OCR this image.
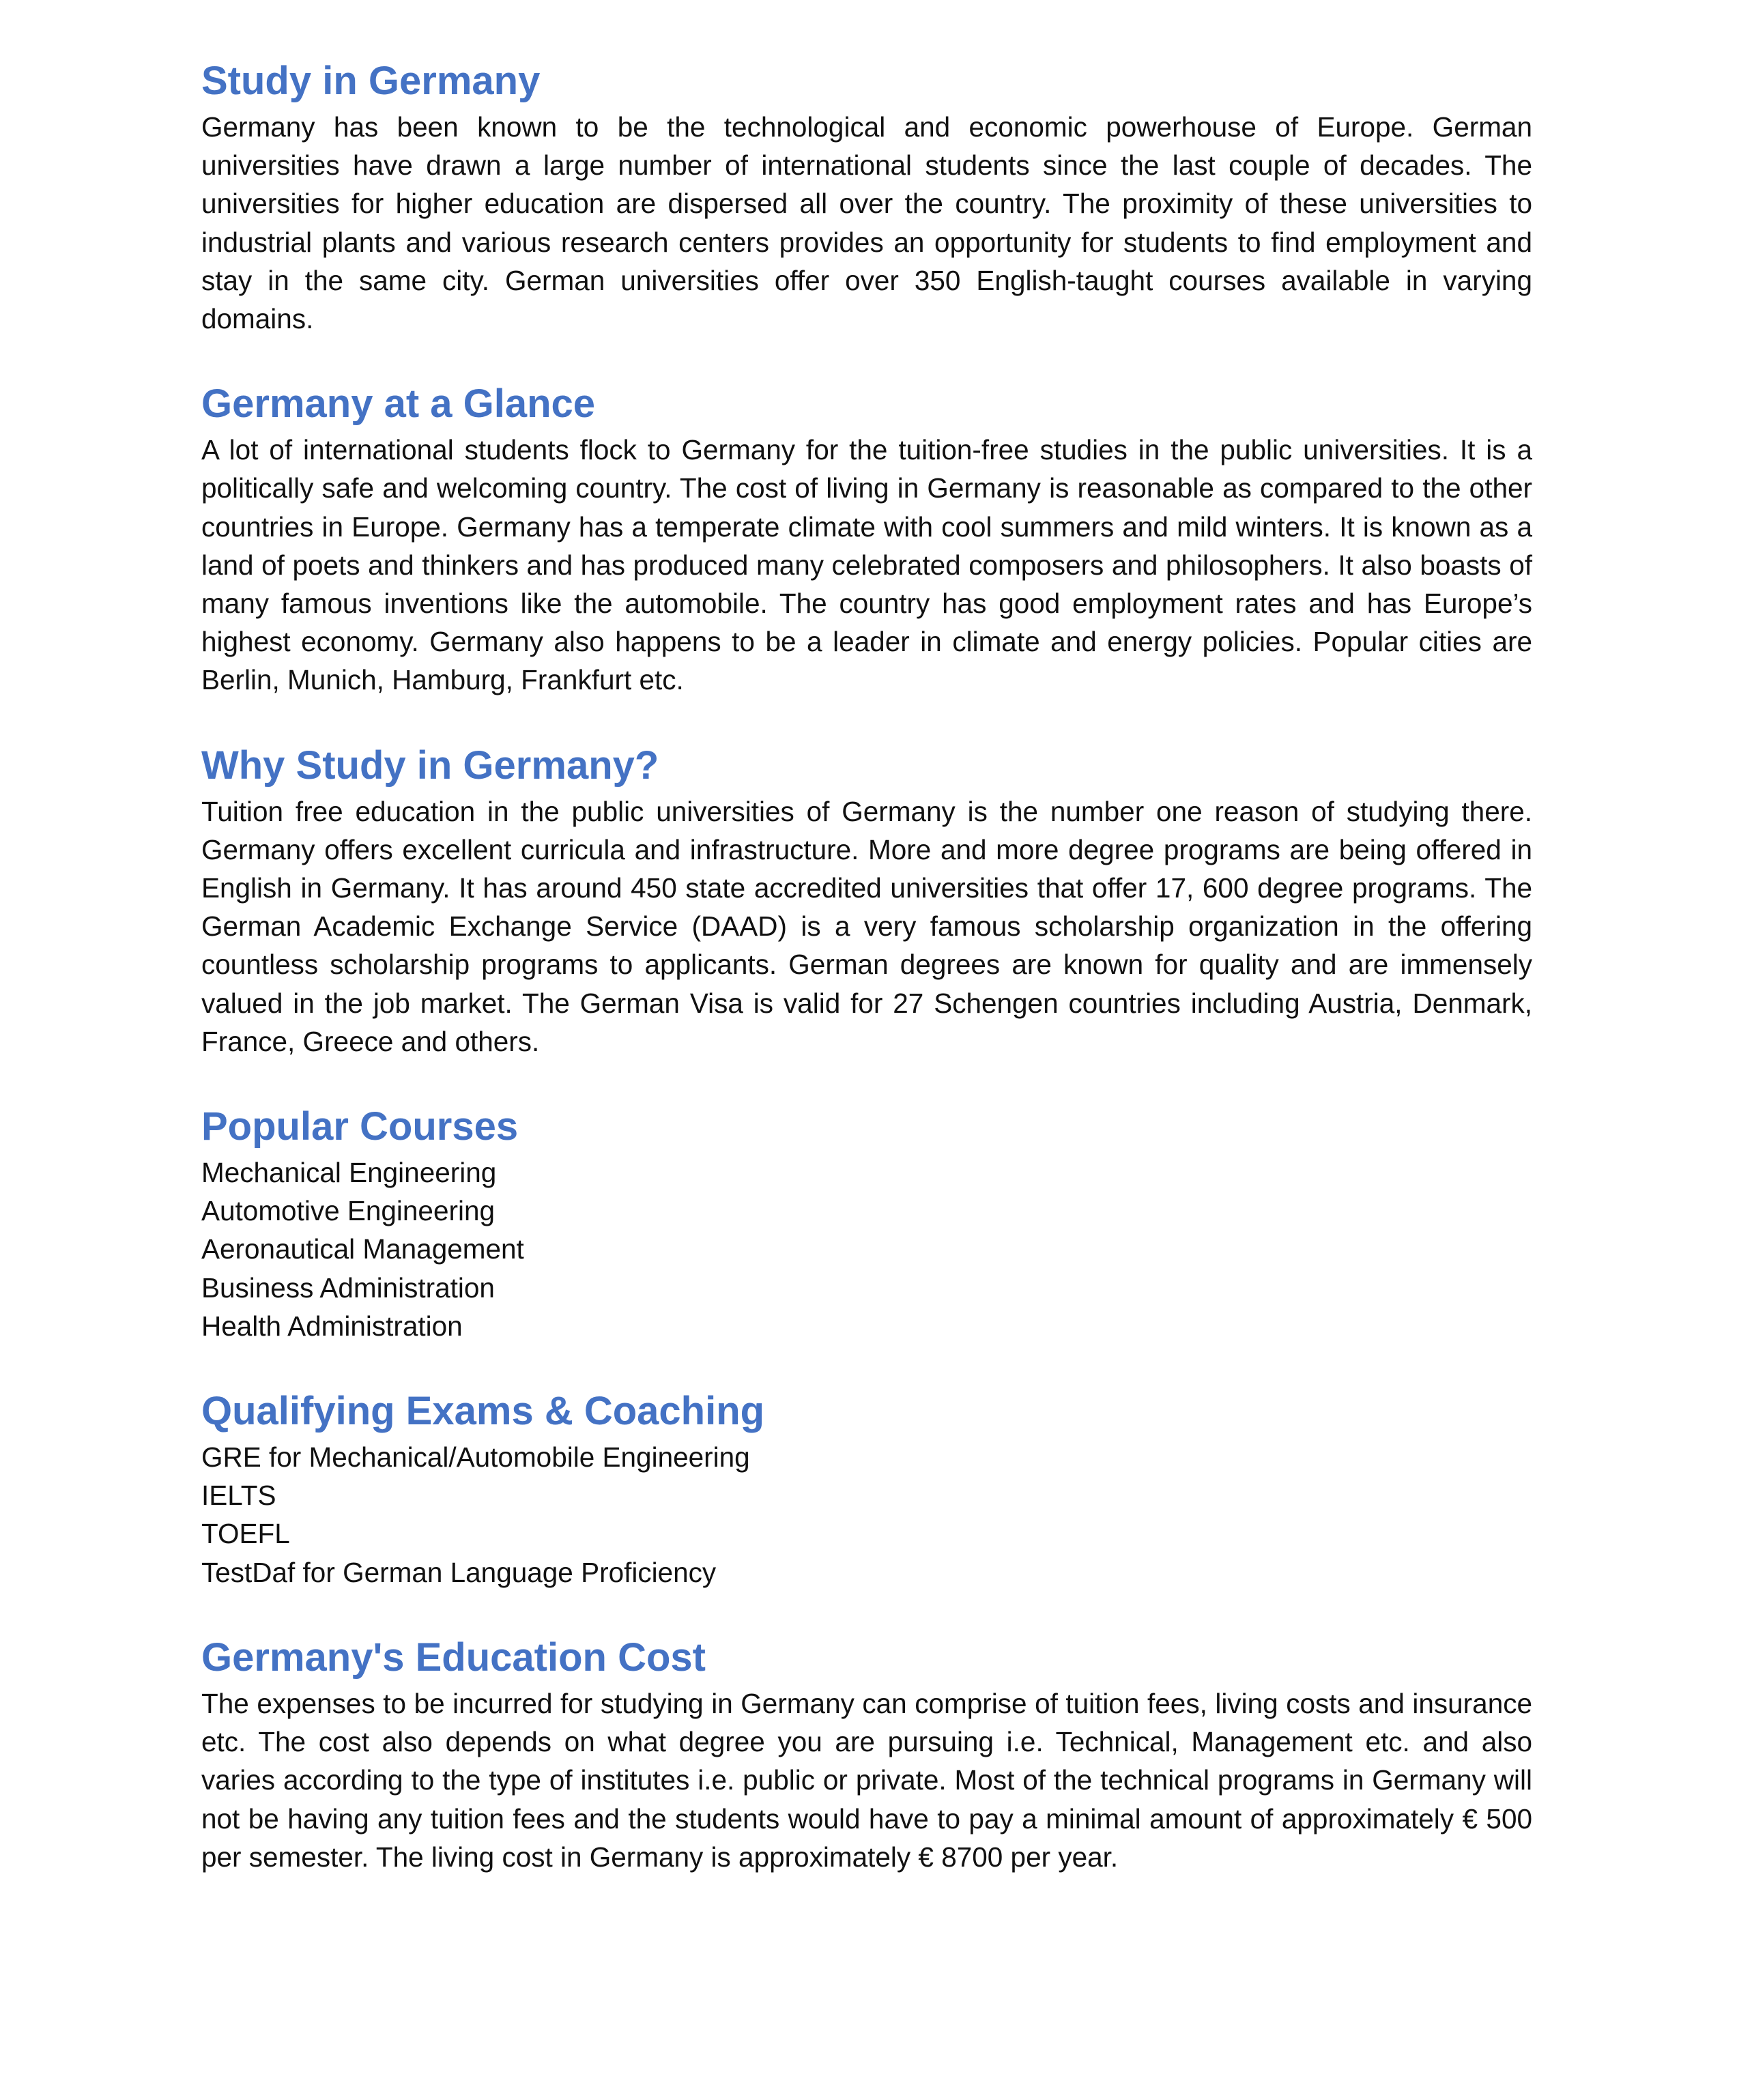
Study in Germany

Germany has been known to be the technological and economic powerhouse of Europe. German universities have drawn a large number of international students since the last couple of decades. The universities for higher education are dispersed all over the country. The proximity of these universities to industrial plants and various research centers provides an opportunity for students to find employment and stay in the same city. German universities offer over 350 English-taught courses available in varying domains.

Germany at a Glance

A lot of international students flock to Germany for the tuition-free studies in the public universities. It is a politically safe and welcoming country. The cost of living in Germany is reasonable as compared to the other countries in Europe. Germany has a temperate climate with cool summers and mild winters. It is known as a land of poets and thinkers and has produced many celebrated composers and philosophers. It also boasts of many famous inventions like the automobile. The country has good employment rates and has Europe’s highest economy. Germany also happens to be a leader in climate and energy policies. Popular cities are Berlin, Munich, Hamburg, Frankfurt etc.

Why Study in Germany?

Tuition free education in the public universities of Germany is the number one reason of studying there. Germany offers excellent curricula and infrastructure. More and more degree programs are being offered in English in Germany. It has around 450 state accredited universities that offer 17, 600 degree programs. The German Academic Exchange Service (DAAD) is a very famous scholarship organization in the offering countless scholarship programs to applicants. German degrees are known for quality and are immensely valued in the job market. The German Visa is valid for 27 Schengen countries including Austria, Denmark, France, Greece and others.

Popular Courses
Mechanical Engineering
Automotive Engineering
Aeronautical Management
Business Administration
Health Administration
Qualifying Exams & Coaching
GRE for Mechanical/Automobile Engineering
IELTS
TOEFL
TestDaf for German Language Proficiency
Germany's Education Cost

The expenses to be incurred for studying in Germany can comprise of tuition fees, living costs and insurance etc. The cost also depends on what degree you are pursuing i.e. Technical, Management etc. and also varies according to the type of institutes i.e. public or private. Most of the technical programs in Germany will not be having any tuition fees and the students would have to pay a minimal amount of approximately € 500 per semester. The living cost in Germany is approximately € 8700 per year.
